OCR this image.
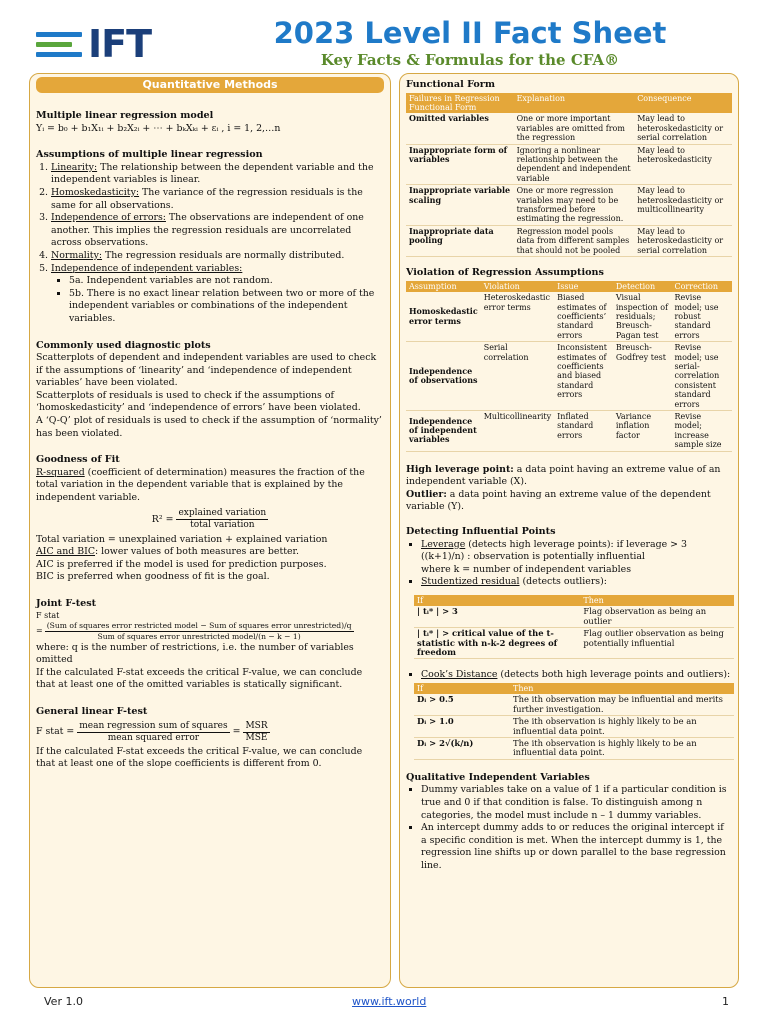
IFT	2023 Level II Fact Sheet
Key Facts & Formulas for the CFA®
Quantitative Methods
Multiple linear regression model

Yᵢ = b₀ + b₁X₁ᵢ + b₂X₂ᵢ + ⋯ + bₖXₖᵢ + εᵢ , i = 1, 2,…n

Assumptions of multiple linear regression
1. Linearity: The relationship between the dependent variable and the independent variables is linear.
2. Homoskedasticity: The variance of the regression residuals is the same for all observations.
3. Independence of errors: The observations are independent of one another. This implies the regression residuals are uncorrelated across observations.
4. Normality: The regression residuals are normally distributed.
5. Independence of independent variables:
▪ 5a. Independent variables are not random.
▪ 5b. There is no exact linear relation between two or more of the independent variables or combinations of the independent variables.
Commonly used diagnostic plots

Scatterplots of dependent and independent variables are used to check if the assumptions of ‘linearity’ and ‘independence of independent variables’ have been violated.

Scatterplots of residuals is used to check if the assumptions of ‘homoskedasticity’ and ‘independence of errors’ have been violated.

A ‘Q-Q’ plot of residuals is used to check if the assumption of ‘normality’ has been violated.

Goodness of Fit

R-squared (coefficient of determination) measures the fraction of the total variation in the dependent variable that is explained by the independent variable.

$R^2 = \frac{\text{explained variation}}{\text{total variation}}$

Total variation = unexplained variation + explained variation

AIC and BIC: lower values of both measures are better.

AIC is preferred if the model is used for prediction purposes.

BIC is preferred when goodness of fit is the goal.

Joint F-test
F stat
=
(Sum of squares error restricted model − Sum of squares error unrestricted)/q
Sum of squares error unrestricted model/(n − k − 1)

where: q is the number of restrictions, i.e. the number of variables omitted

If the calculated F-stat exceeds the critical F-value, we can conclude that at least one of the omitted variables is statically significant.

General linear F-test
F stat = $\frac{\text{mean regression sum of squares}}{\text{mean squared error}} = \frac{\text{MSR}}{\text{MSE}}$

If the calculated F-stat exceeds the critical F-value, we can conclude that at least one of the slope coefficients is different from 0.

Functional Form
Failures in Regression Functional Form	Explanation	Consequence
Omitted variables	One or more important variables are omitted from the regression	May lead to heteroskedasticity or serial correlation
Inappropriate form of variables	Ignoring a nonlinear relationship between the dependent and independent variable	May lead to heteroskedasticity
Inappropriate variable scaling	One or more regression variables may need to be transformed before estimating the regression.	May lead to heteroskedasticity or multicollinearity
Inappropriate data pooling	Regression model pools data from different samples that should not be pooled	May lead to heteroskedasticity or serial correlation
Violation of Regression Assumptions
Assumption	Violation	Issue	Detection	Correction
Homoskedastic error terms	Heteroskedastic error terms	Biased estimates of coefficients’ standard errors	Visual inspection of residuals; Breusch-Pagan test	Revise model; use robust standard errors
Independence of observations	Serial correlation	Inconsistent estimates of coefficients and biased standard errors	Breusch-Godfrey test	Revise model; use serial-correlation consistent standard errors
Independence of independent variables	Multicollinearity	Inflated standard errors	Variance inflation factor	Revise model; increase sample size

High leverage point: a data point having an extreme value of an independent variable (X).

Outlier: a data point having an extreme value of the dependent variable (Y).

Detecting Influential Points
▪ Leverage (detects high leverage points): if leverage > 3 ((k+1)/n) : observation is potentially influential
where k = number of independent variables
▪ Studentized residual (detects outliers):
If	Then
| tᵢ* | > 3	Flag observation as being an outlier
| tᵢ* | > critical value of the t-statistic with n-k-2 degrees of freedom	Flag outlier observation as being potentially influential
▪ Cook’s Distance (detects both high leverage points and outliers):
If	Then
Dᵢ > 0.5	The ith observation may be influential and merits further investigation.
Dᵢ > 1.0	The ith observation is highly likely to be an influential data point.
Dᵢ > 2√(k/n)	The ith observation is highly likely to be an influential data point.
Qualitative Independent Variables
▪ Dummy variables take on a value of 1 if a particular condition is true and 0 if that condition is false. To distinguish among n categories, the model must include n – 1 dummy variables.
▪ An intercept dummy adds to or reduces the original intercept if a specific condition is met. When the intercept dummy is 1, the regression line shifts up or down parallel to the base regression line.
Ver 1.0	www.ift.world	1
